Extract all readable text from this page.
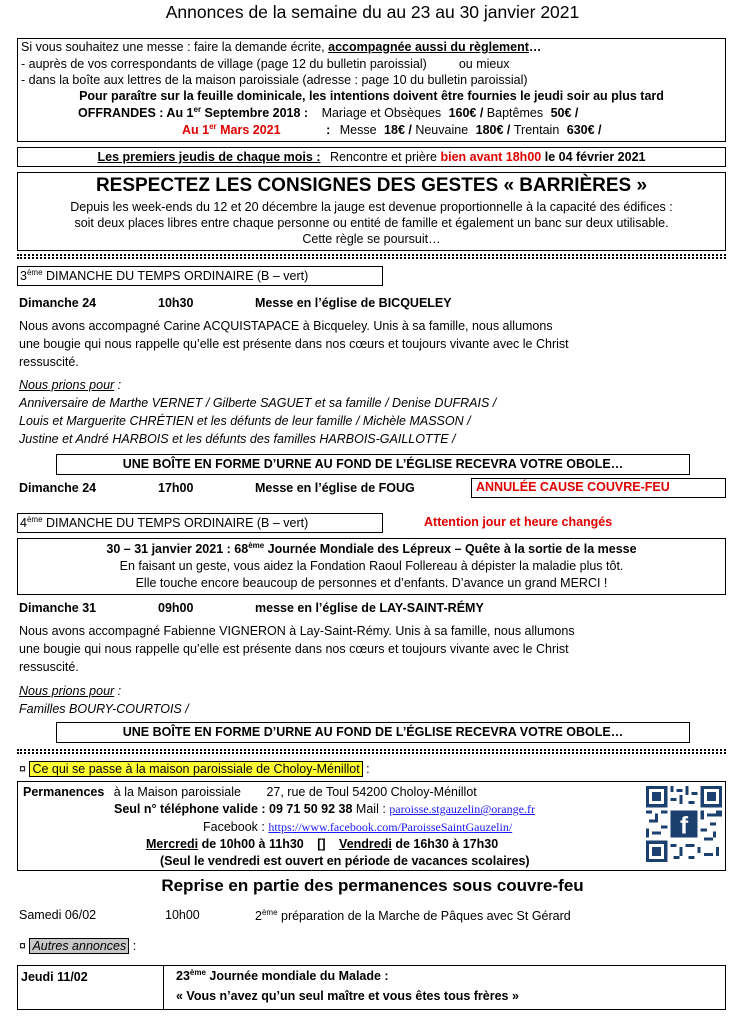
Annonces de la semaine du au 23 au 30 janvier 2021
Si vous souhaitez une messe : faire la demande écrite, accompagnée aussi du règlement…
- auprès de vos correspondants de village (page 12 du bulletin paroissial)	ou mieux
- dans la boîte aux lettres de la maison paroissiale (adresse : page 10 du bulletin paroissial)
Pour paraître sur la feuille dominicale, les intentions doivent être fournies le jeudi soir au plus tard
OFFRANDES : Au 1er Septembre 2018 : Mariage et Obsèques 160€ / Baptêmes 50€ /
Au 1er Mars 2021	: Messe 18€ / Neuvaine 180€ / Trentain 630€ /
Les premiers jeudis de chaque mois : Rencontre et prière bien avant 18h00 le 04 février 2021
RESPECTEZ LES CONSIGNES DES GESTES « BARRIÈRES »
Depuis les week-ends du 12 et 20 décembre la jauge est devenue proportionnelle à la capacité des édifices :
soit deux places libres entre chaque personne ou entité de famille et également un banc sur deux utilisable.
Cette règle se poursuit…
3ème DIMANCHE DU TEMPS ORDINAIRE (B – vert)
Dimanche 24	10h30	Messe en l’église de BICQUELEY
Nous avons accompagné Carine ACQUISTAPACE à Bicqueley. Unis à sa famille, nous allumons
une bougie qui nous rappelle qu’elle est présente dans nos cœurs et toujours vivante avec le Christ
ressuscité.
Nous prions pour :
Anniversaire de Marthe VERNET / Gilberte SAGUET et sa famille / Denise DUFRAIS /
Louis et Marguerite CHRÉTIEN et les défunts de leur famille / Michèle MASSON /
Justine et André HARBOIS et les défunts des familles HARBOIS-GAILLOTTE /
UNE BOÎTE EN FORME D’URNE AU FOND DE L’ÉGLISE RECEVRA VOTRE OBOLE…
Dimanche 24	17h00	Messe en l’église de FOUG	ANNULÉE CAUSE COUVRE-FEU
4ème DIMANCHE DU TEMPS ORDINAIRE (B – vert)	Attention jour et heure changés
30 – 31 janvier 2021 : 68ème Journée Mondiale des Lépreux – Quête à la sortie de la messe
En faisant un geste, vous aidez la Fondation Raoul Follereau à dépister la maladie plus tôt.
Elle touche encore beaucoup de personnes et d’enfants. D’avance un grand MERCI !
Dimanche 31	09h00	messe en l’église de LAY-SAINT-RÉMY
Nous avons accompagné Fabienne VIGNERON à Lay-Saint-Rémy. Unis à sa famille, nous allumons
une bougie qui nous rappelle qu’elle est présente dans nos cœurs et toujours vivante avec le Christ
ressuscité.
Nous prions pour :
Familles BOURY-COURTOIS /
UNE BOÎTE EN FORME D’URNE AU FOND DE L’ÉGLISE RECEVRA VOTRE OBOLE…
¤ Ce qui se passe à la maison paroissiale de Choloy-Ménillot :
Permanences à la Maison paroissiale 27, rue de Toul 54200 Choloy-Ménillot
Seul n° téléphone valide : 09 71 50 92 38 Mail : paroisse.stgauzelin@orange.fr
Facebook : https://www.facebook.com/ParoisseSaintGauzelin/
Mercredi de 10h00 à 11h30 [] Vendredi de 16h30 à 17h30
(Seul le vendredi est ouvert en période de vacances scolaires)
f
Reprise en partie des permanences sous couvre-feu
Samedi 06/02	10h00	2ème préparation de la Marche de Pâques avec St Gérard
¤ Autres annonces :
Jeudi 11/02	23ème Journée mondiale du Malade :
« Vous n’avez qu’un seul maître et vous êtes tous frères »
